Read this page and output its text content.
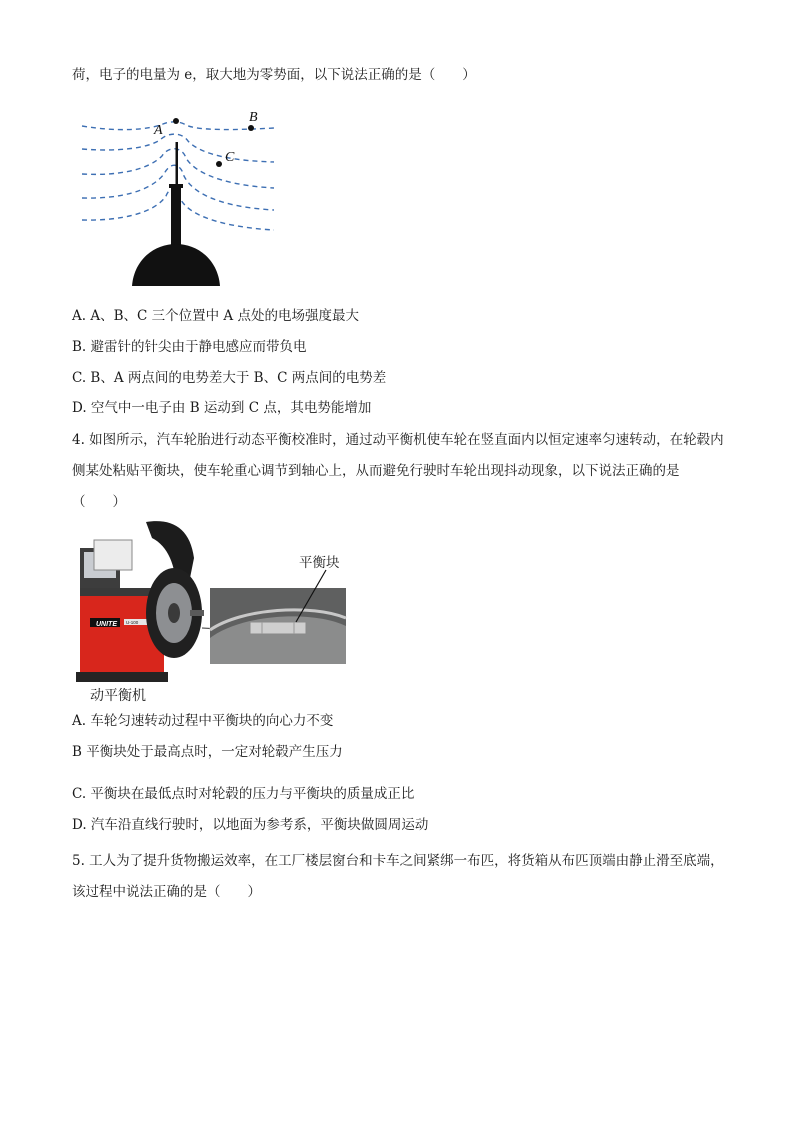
荷，电子的电量为 e，取大地为零势面，以下说法正确的是（　　）
A
B
C
A. A、B、C 三个位置中 A 点处的电场强度最大
B. 避雷针的针尖由于静电感应而带负电
C. B、A 两点间的电势差大于 B、C 两点间的电势差
D. 空气中一电子由 B 运动到 C 点，其电势能增加
4. 如图所示，汽车轮胎进行动态平衡校准时，通过动平衡机使车轮在竖直面内以恒定速率匀速转动，在轮毂内侧某处粘贴平衡块，使车轮重心调节到轴心上，从而避免行驶时车轮出现抖动现象，以下说法正确的是（　　）
UNITE U-100
平衡块
动平衡机
A. 车轮匀速转动过程中平衡块的向心力不变
B 平衡块处于最高点时，一定对轮毂产生压力
C. 平衡块在最低点时对轮毂的压力与平衡块的质量成正比
D. 汽车沿直线行驶时，以地面为参考系，平衡块做圆周运动
5. 工人为了提升货物搬运效率，在工厂楼层窗台和卡车之间紧绑一布匹，将货箱从布匹顶端由静止滑至底端，该过程中说法正确的是（　　）
